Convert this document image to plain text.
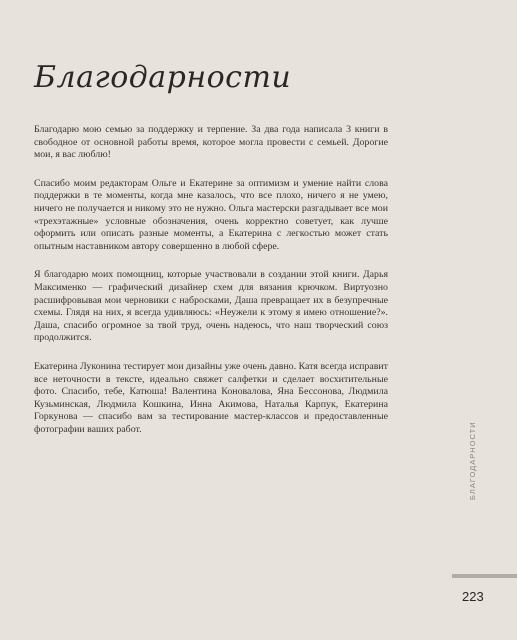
Благодарности

Благодарю мою семью за поддержку и терпение. За два года написала 3 книги в свободное от основной работы время, которое могла провести с семьей. Дорогие мои, я вас люблю!

Спасибо моим редакторам Ольге и Екатерине за оптимизм и умение найти слова поддержки в те моменты, когда мне казалось, что все плохо, ничего я не умею, ничего не получается и никому это не нужно. Ольга мастерски разгадывает все мои «трехэтажные» условные обозначения, очень корректно советует, как лучше оформить или описать разные моменты, а Екатерина с легкостью может стать опытным наставником автору совершенно в любой сфере.

Я благодарю моих помощниц, которые участвовали в создании этой книги. Дарья Максименко — графический дизайнер схем для вязания крючком. Виртуозно расшифровывая мои черновики с набросками, Даша превращает их в безупречные схемы. Глядя на них, я всегда удивляюсь: «Неужели к этому я имею отношение?». Даша, спасибо огромное за твой труд, очень надеюсь, что наш творческий союз продолжится.

Екатерина Луконина тестирует мои дизайны уже очень давно. Катя всегда исправит все неточности в тексте, идеально свяжет салфетки и сделает восхитительные фото. Спасибо, тебе, Катюша! Валентина Коновалова, Яна Бессонова, Людмила Кузьминская, Людмила Кошкина, Инна Акимова, Наталья Карпук, Екатерина Горкунова — спасибо вам за тестирование мастер-классов и предоставленные фотографии ваших работ.	БЛАГОДАРНОСТИ
223
